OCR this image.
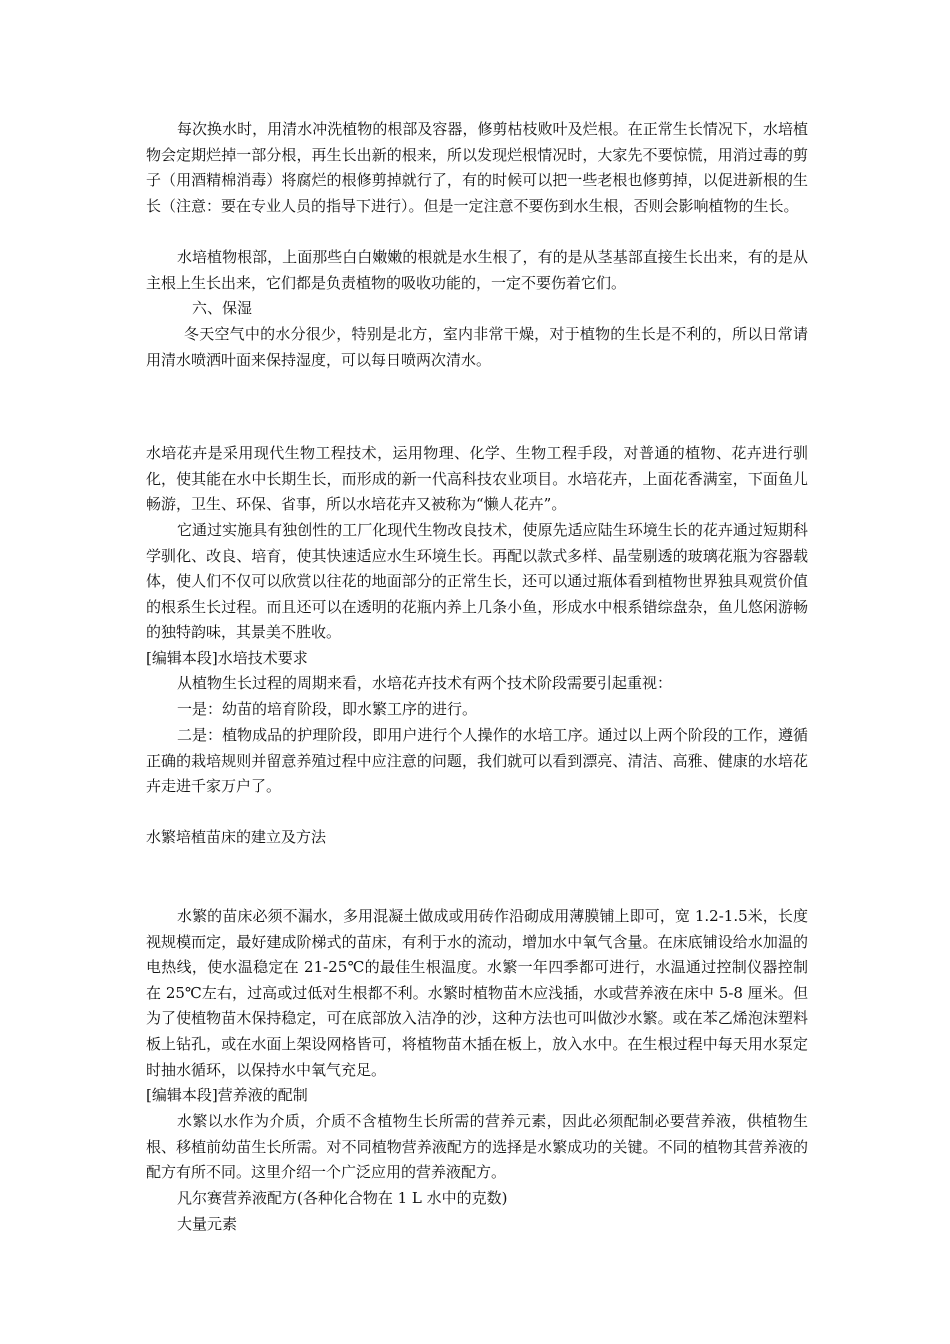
每次换水时，用清水冲洗植物的根部及容器，修剪枯枝败叶及烂根。在正常生长情况下，水培植物会定期烂掉一部分根，再生长出新的根来，所以发现烂根情况时，大家先不要惊慌，用消过毒的剪子（用酒精棉消毒）将腐烂的根修剪掉就行了，有的时候可以把一些老根也修剪掉，以促进新根的生长（注意：要在专业人员的指导下进行）。但是一定注意不要伤到水生根，否则会影响植物的生长。

水培植物根部，上面那些白白嫩嫩的根就是水生根了，有的是从茎基部直接生长出来，有的是从主根上生长出来，它们都是负责植物的吸收功能的，一定不要伤着它们。

六、保湿

冬天空气中的水分很少，特别是北方，室内非常干燥，对于植物的生长是不利的，所以日常请用清水喷洒叶面来保持湿度，可以每日喷两次清水。

水培花卉是采用现代生物工程技术，运用物理、化学、生物工程手段，对普通的植物、花卉进行驯化，使其能在水中长期生长，而形成的新一代高科技农业项目。水培花卉，上面花香满室，下面鱼儿畅游，卫生、环保、省事，所以水培花卉又被称为“懒人花卉”。

它通过实施具有独创性的工厂化现代生物改良技术，使原先适应陆生环境生长的花卉通过短期科学驯化、改良、培育，使其快速适应水生环境生长。再配以款式多样、晶莹剔透的玻璃花瓶为容器载体，使人们不仅可以欣赏以往花的地面部分的正常生长，还可以通过瓶体看到植物世界独具观赏价值的根系生长过程。而且还可以在透明的花瓶内养上几条小鱼，形成水中根系错综盘杂，鱼儿悠闲游畅的独特韵味，其景美不胜收。

[编辑本段]水培技术要求

从植物生长过程的周期来看，水培花卉技术有两个技术阶段需要引起重视：

一是：幼苗的培育阶段，即水繁工序的进行。

二是：植物成品的护理阶段，即用户进行个人操作的水培工序。通过以上两个阶段的工作，遵循正确的栽培规则并留意养殖过程中应注意的问题，我们就可以看到漂亮、清洁、高雅、健康的水培花卉走进千家万户了。

水繁培植苗床的建立及方法

水繁的苗床必须不漏水，多用混凝土做成或用砖作沿砌成用薄膜铺上即可，宽 1.2-1.5米，长度视规模而定，最好建成阶梯式的苗床，有利于水的流动，增加水中氧气含量。在床底铺设给水加温的电热线，使水温稳定在 21-25℃的最佳生根温度。水繁一年四季都可进行，水温通过控制仪器控制在 25℃左右，过高或过低对生根都不利。水繁时植物苗木应浅插，水或营养液在床中 5-8 厘米。但为了使植物苗木保持稳定，可在底部放入洁净的沙，这种方法也可叫做沙水繁。或在苯乙烯泡沫塑料板上钻孔，或在水面上架设网格皆可，将植物苗木插在板上，放入水中。在生根过程中每天用水泵定时抽水循环，以保持水中氧气充足。

[编辑本段]营养液的配制

水繁以水作为介质，介质不含植物生长所需的营养元素，因此必须配制必要营养液，供植物生根、移植前幼苗生长所需。对不同植物营养液配方的选择是水繁成功的关键。不同的植物其营养液的配方有所不同。这里介绍一个广泛应用的营养液配方。

凡尔赛营养液配方(各种化合物在 1 L 水中的克数)

大量元素
